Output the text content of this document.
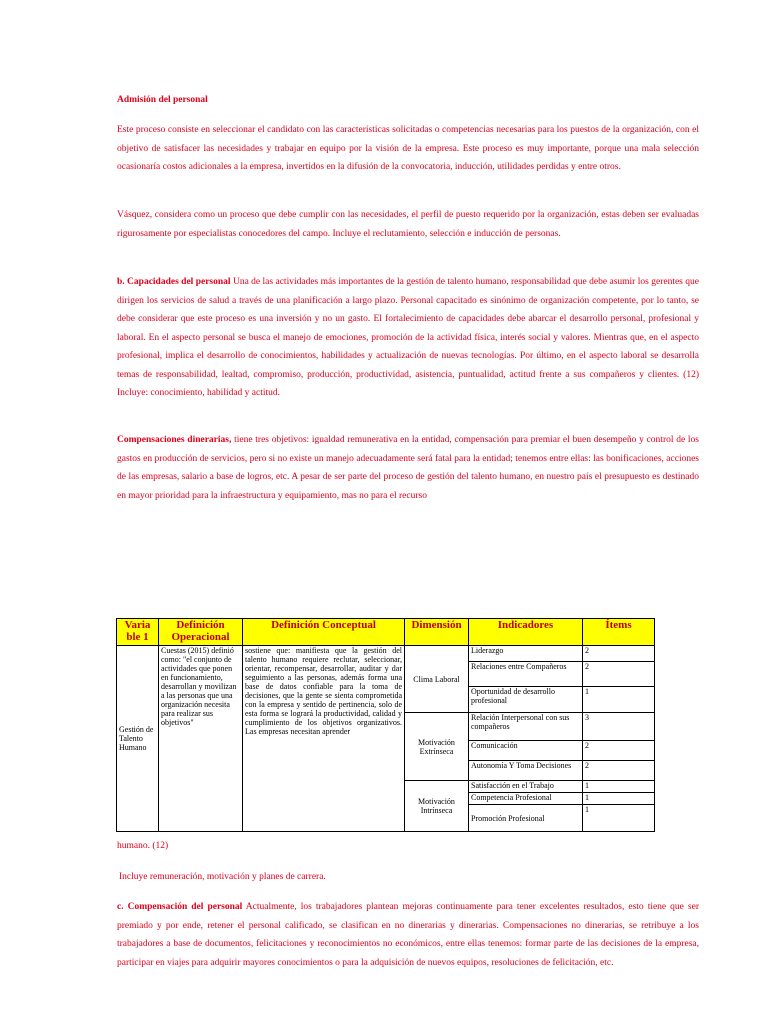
Admisión del personal

Este proceso consiste en seleccionar el candidato con las características solicitadas o competencias necesarias para los puestos de la organización, con el objetivo de satisfacer las necesidades y trabajar en equipo por la visión de la empresa. Este proceso es muy importante, porque una mala selección ocasionaría costos adicionales a la empresa, invertidos en la difusión de la convocatoria, inducción, utilidades perdidas y entre otros.

Vásquez, considera como un proceso que debe cumplir con las necesidades, el perfil de puesto requerido por la organización, estas deben ser evaluadas rigurosamente por especialistas conocedores del campo. Incluye el reclutamiento, selección e inducción de personas.

b. Capacidades del personal Una de las actividades más importantes de la gestión de talento humano, responsabilidad que debe asumir los gerentes que dirigen los servicios de salud a través de una planificación a largo plazo. Personal capacitado es sinónimo de organización competente, por lo tanto, se debe considerar que este proceso es una inversión y no un gasto. El fortalecimiento de capacidades debe abarcar el desarrollo personal, profesional y laboral. En el aspecto personal se busca el manejo de emociones, promoción de la actividad física, interés social y valores. Mientras que, en el aspecto profesional, implica el desarrollo de conocimientos, habilidades y actualización de nuevas tecnologías. Por último, en el aspecto laboral se desarrolla temas de responsabilidad, lealtad, compromiso, producción, productividad, asistencia, puntualidad, actitud frente a sus compañeros y clientes. (12) Incluye: conocimiento, habilidad y actitud.

Compensaciones dinerarias, tiene tres objetivos: igualdad remunerativa en la entidad, compensación para premiar el buen desempeño y control de los gastos en producción de servicios, pero si no existe un manejo adecuadamente será fatal para la entidad; tenemos entre ellas: las bonificaciones, acciones de las empresas, salario a base de logros, etc. A pesar de ser parte del proceso de gestión del talento humano, en nuestro país el presupuesto es destinado en mayor prioridad para la infraestructura y equipamiento, mas no para el recurso

Varia ble 1	Definición Operacional	Definición Conceptual	Dimensión	Indicadores	Ítems
Gestión de Talento Humano	Cuestas (2015) definió como: "el conjunto de actividades que ponen en funcionamiento, desarrollan y movilizan a las personas que una organización necesita para realizar sus objetivos"	sostiene que: manifiesta que la gestión del talento humano requiere reclutar, seleccionar, orientar, recompensar, desarrollar, auditar y dar seguimiento a las personas, además forma una base de datos confiable para la toma de decisiones, que la gente se sienta comprometida con la empresa y sentido de pertinencia, solo de esta forma se logrará la productividad, calidad y cumplimiento de los objetivos organizativos. Las empresas necesitan aprender	Clima Laboral	Liderazgo	2
				Relaciones entre Compañeros	2
				Oportunidad de desarrollo profesional	1
			Motivación Extrínseca	Relación Interpersonal con sus compañeros	3
				Comunicación	2
				Autonomía Y Toma Decisiones	2
			Motivación Intrínseca	Satisfacción en el Trabajo	1
				Competencia Profesional	1
				Promoción Profesional	1

humano. (12)

Incluye remuneración, motivación y planes de carrera.

c. Compensación del personal Actualmente, los trabajadores plantean mejoras continuamente para tener excelentes resultados, esto tiene que ser premiado y por ende, retener el personal calificado, se clasifican en no dinerarias y dinerarias. Compensaciones no dinerarias, se retribuye a los trabajadores a base de documentos, felicitaciones y reconocimientos no económicos, entre ellas tenemos: formar parte de las decisiones de la empresa, participar en viajes para adquirir mayores conocimientos o para la adquisición de nuevos equipos, resoluciones de felicitación, etc.
